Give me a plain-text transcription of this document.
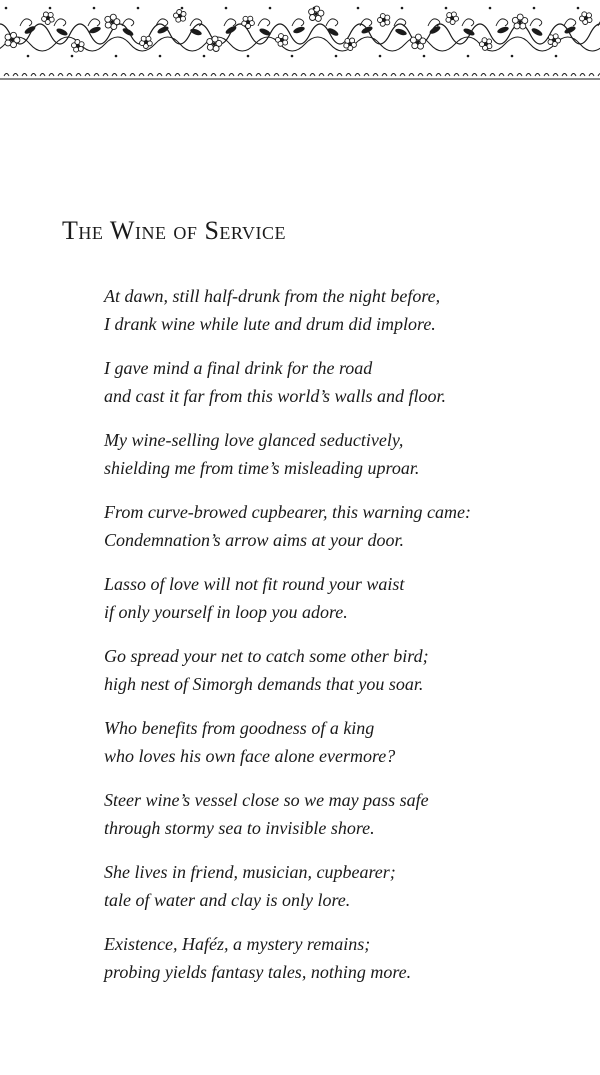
The Wine of Service
At dawn, still half-drunk from the night before,
I drank wine while lute and drum did implore.
I gave mind a final drink for the road
and cast it far from this world’s walls and floor.
My wine-selling love glanced seductively,
shielding me from time’s misleading uproar.
From curve-browed cupbearer, this warning came:
Condemnation’s arrow aims at your door.
Lasso of love will not fit round your waist
if only yourself in loop you adore.
Go spread your net to catch some other bird;
high nest of Simorgh demands that you soar.
Who benefits from goodness of a king
who loves his own face alone evermore?
Steer wine’s vessel close so we may pass safe
through stormy sea to invisible shore.
She lives in friend, musician, cupbearer;
tale of water and clay is only lore.
Existence, Haféz, a mystery remains;
probing yields fantasy tales, nothing more.
